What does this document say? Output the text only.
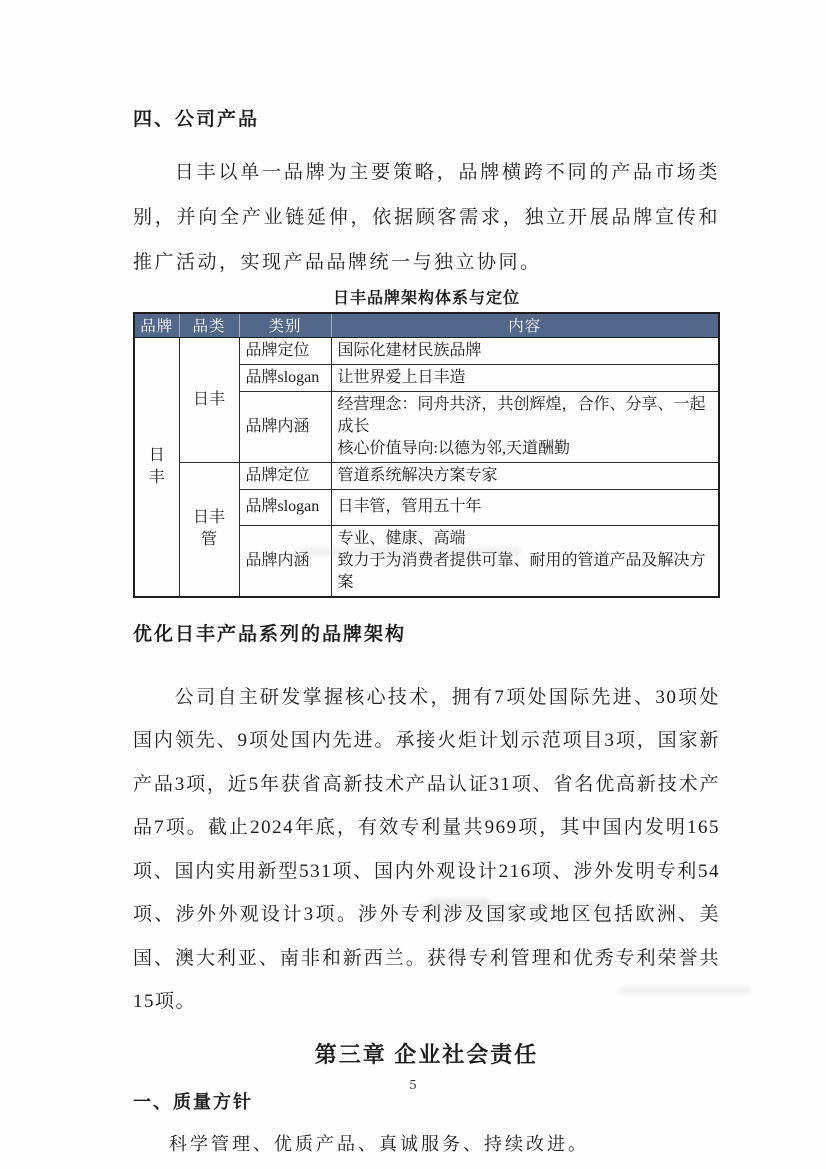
四、公司产品

日丰以单一品牌为主要策略，品牌横跨不同的产品市场类别，并向全产业链延伸，依据顾客需求，独立开展品牌宣传和推广活动，实现产品品牌统一与独立协同。

日丰品牌架构体系与定位
品牌	品类	类别	内容
日丰	日丰	品牌定位	国际化建材民族品牌
		品牌slogan	让世界爱上日丰造
		品牌内涵	经营理念：同舟共济，共创辉煌，合作、分享、一起成长
核心价值导向:以德为邻,天道酬勤

	日丰管	品牌定位	管道系统解决方案专家
		品牌slogan	日丰管，管用五十年
		品牌内涵	专业、健康、高端
致力于为消费者提供可靠、耐用的管道产品及解决方案
优化日丰产品系列的品牌架构

公司自主研发掌握核心技术，拥有7项处国际先进、30项处国内领先、9项处国内先进。承接火炬计划示范项目3项，国家新产品3项，近5年获省高新技术产品认证31项、省名优高新技术产品7项。截止2024年底，有效专利量共969项，其中国内发明165项、国内实用新型531项、国内外观设计216项、涉外发明专利54项、涉外外观设计3项。涉外专利涉及国家或地区包括欧洲、美国、澳大利亚、南非和新西兰。获得专利管理和优秀专利荣誉共15项。

第三章 企业社会责任
一、质量方针

科学管理、优质产品、真诚服务、持续改进。

5
